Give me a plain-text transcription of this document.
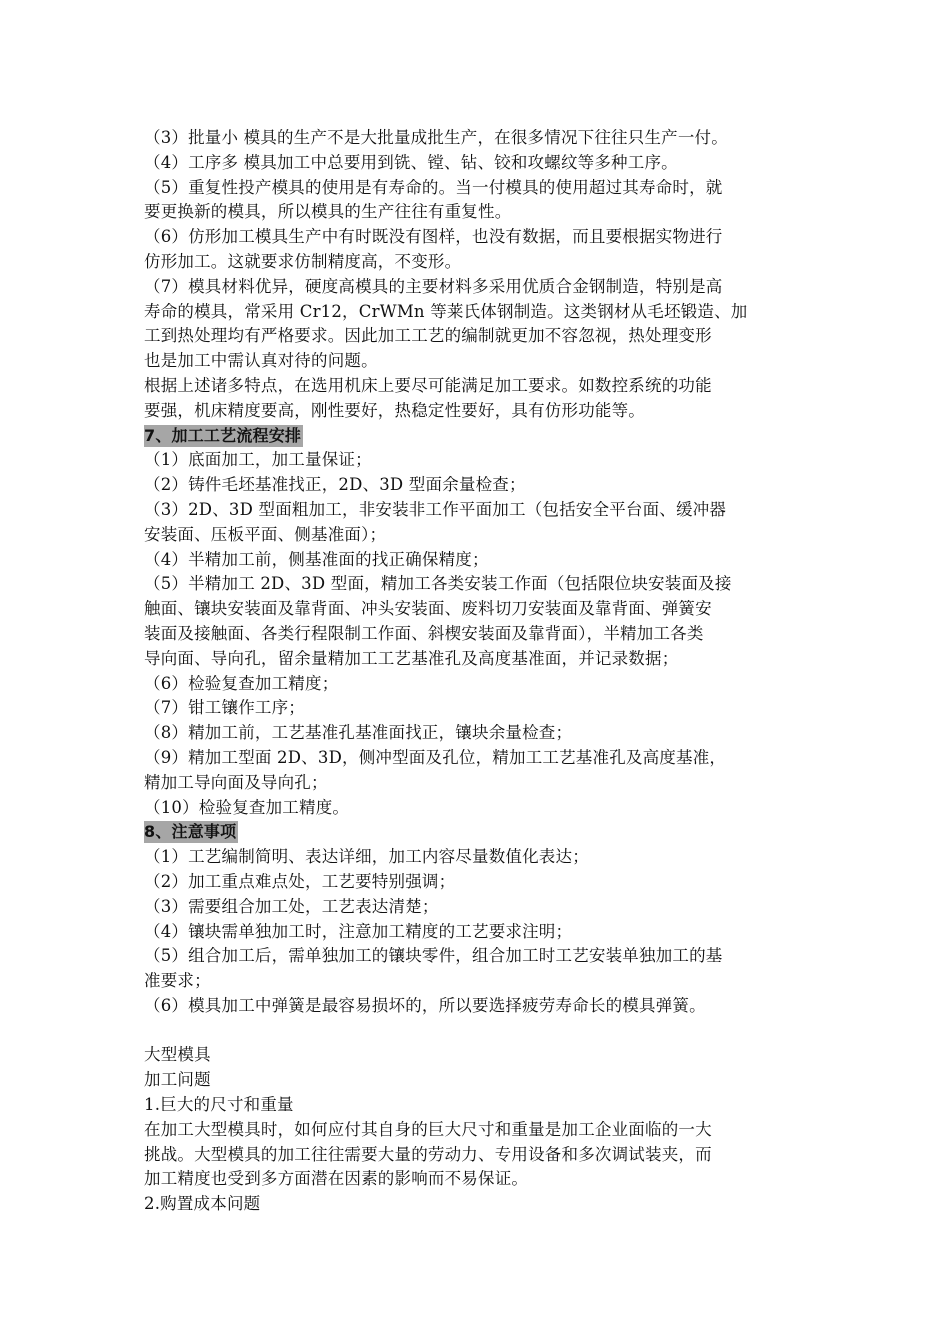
（3）批量小 模具的生产不是大批量成批生产，在很多情况下往往只生产一付。
（4）工序多 模具加工中总要用到铣、镗、钻、铰和攻螺纹等多种工序。
（5）重复性投产模具的使用是有寿命的。当一付模具的使用超过其寿命时，就
要更换新的模具，所以模具的生产往往有重复性。
（6）仿形加工模具生产中有时既没有图样，也没有数据，而且要根据实物进行
仿形加工。这就要求仿制精度高，不变形。
（7）模具材料优异，硬度高模具的主要材料多采用优质合金钢制造，特别是高
寿命的模具，常采用 Cr12，CrWMn 等莱氏体钢制造。这类钢材从毛坯锻造、加
工到热处理均有严格要求。因此加工工艺的编制就更加不容忽视，热处理变形
也是加工中需认真对待的问题。
根据上述诸多特点，在选用机床上要尽可能满足加工要求。如数控系统的功能
要强，机床精度要高，刚性要好，热稳定性要好，具有仿形功能等。
7、加工工艺流程安排
（1）底面加工，加工量保证；
（2）铸件毛坯基准找正，2D、3D 型面余量检查；
（3）2D、3D 型面粗加工，非安装非工作平面加工（包括安全平台面、缓冲器
安装面、压板平面、侧基准面）；
（4）半精加工前，侧基准面的找正确保精度；
（5）半精加工 2D、3D 型面，精加工各类安装工作面（包括限位块安装面及接
触面、镶块安装面及靠背面、冲头安装面、废料切刀安装面及靠背面、弹簧安
装面及接触面、各类行程限制工作面、斜楔安装面及靠背面），半精加工各类
导向面、导向孔，留余量精加工工艺基准孔及高度基准面，并记录数据；
（6）检验复查加工精度；
（7）钳工镶作工序；
（8）精加工前，工艺基准孔基准面找正，镶块余量检查；
（9）精加工型面 2D、3D，侧冲型面及孔位，精加工工艺基准孔及高度基准，
精加工导向面及导向孔；
（10）检验复查加工精度。
8、注意事项
（1）工艺编制简明、表达详细，加工内容尽量数值化表达；
（2）加工重点难点处，工艺要特别强调；
（3）需要组合加工处，工艺表达清楚；
（4）镶块需单独加工时，注意加工精度的工艺要求注明；
（5）组合加工后，需单独加工的镶块零件，组合加工时工艺安装单独加工的基
准要求；
（6）模具加工中弹簧是最容易损坏的，所以要选择疲劳寿命长的模具弹簧。
大型模具
加工问题
1.巨大的尺寸和重量
在加工大型模具时，如何应付其自身的巨大尺寸和重量是加工企业面临的一大
挑战。大型模具的加工往往需要大量的劳动力、专用设备和多次调试装夹，而
加工精度也受到多方面潜在因素的影响而不易保证。
2.购置成本问题
